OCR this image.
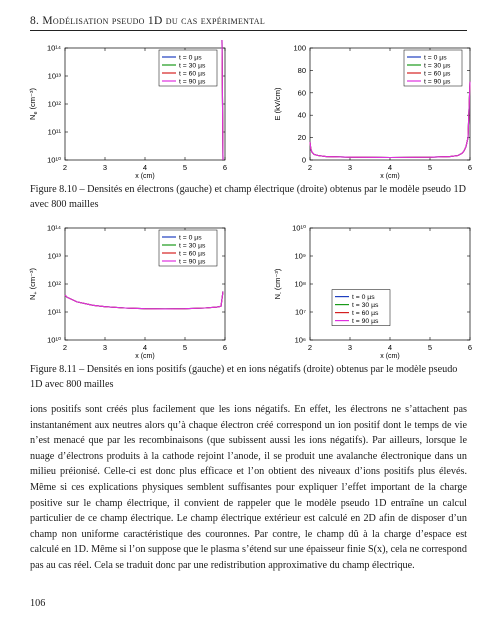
8. Modélisation pseudo 1D du cas expérimental
2	3	4	5	6
x (cm)
10¹⁰
10¹¹
10¹²
10¹³
10¹⁴
$N_e(cm^{-3})$
t = 0 µs
t = 30 µs
t = 60 µs
t = 90 µs
2	3	4	5	6
x (cm)
0
20
40
60
80
100
E (kV/cm)
t = 0 µs
t = 30 µs
t = 60 µs
t = 90 µs
Figure 8.10 – Densités en électrons (gauche) et champ électrique (droite) obtenus par le modèle pseudo 1D avec 800 mailles
2	3	4	5	6
x (cm)
10¹⁰
10¹¹
10¹²
10¹³
10¹⁴
$N_+(cm^{-3})$
t = 0 µs
t = 30 µs
t = 60 µs
t = 90 µs
2	3	4	5	6
x (cm)
10⁶
10⁷
10⁸
10⁹
10¹⁰
$N_-(cm^{-3})$
t = 0 µs
t = 30 µs
t = 60 µs
t = 90 µs
Figure 8.11 – Densités en ions positifs (gauche) et en ions négatifs (droite) obtenus par le modèle pseudo 1D avec 800 mailles
ions positifs sont créés plus facilement que les ions négatifs. En effet, les électrons ne s’attachent pas instantanément aux neutres alors qu’à chaque électron créé correspond un ion positif dont le temps de vie n’est menacé que par les recombinaisons (que subissent aussi les ions négatifs). Par ailleurs, lorsque le nuage d’électrons produits à la cathode rejoint l’anode, il se produit une avalanche électronique dans un milieu préionisé. Celle-ci est donc plus efficace et l’on obtient des niveaux d’ions positifs plus élevés. Même si ces explications physiques semblent suffisantes pour expliquer l’effet important de la charge positive sur le champ électrique, il convient de rappeler que le modèle pseudo 1D entraîne un calcul particulier de ce champ électrique. Le champ électrique extérieur est calculé en 2D afin de disposer d’un champ non uniforme caractéristique des couronnes. Par contre, le champ dû à la charge d’espace est calculé en 1D. Même si l’on suppose que le plasma s’étend sur une épaisseur finie S(x), cela ne correspond pas au cas réel. Cela se traduit donc par une redistribution approximative du champ électrique.
106
